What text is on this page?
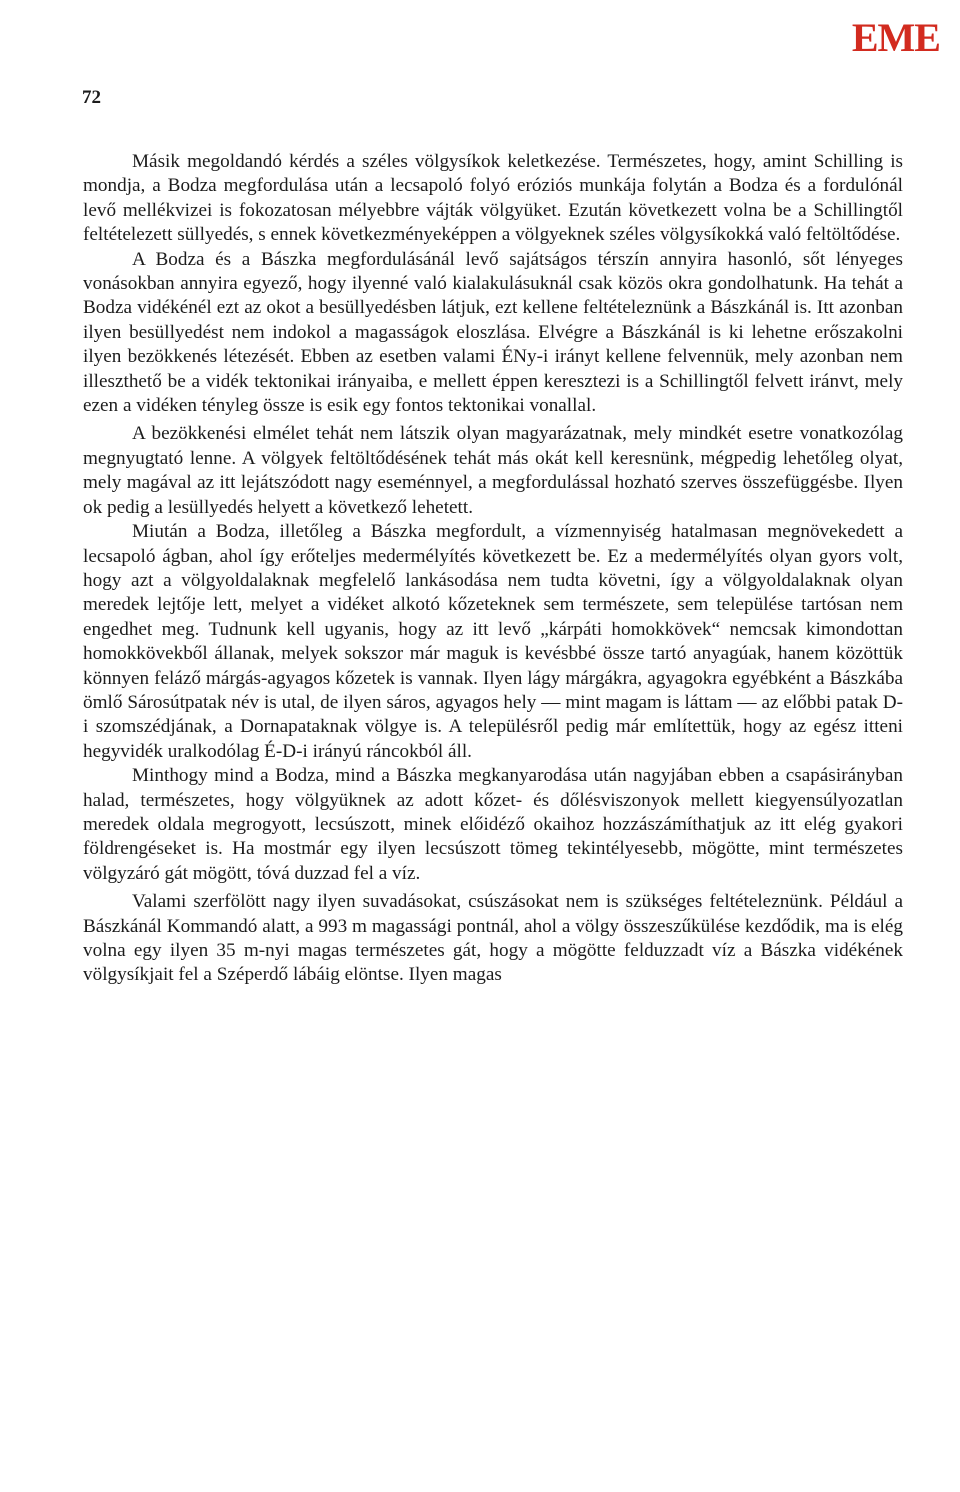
EME
72

Másik megoldandó kérdés a széles völgysíkok keletkezése. Természetes, hogy, amint Schilling is mondja, a Bodza megfordulása után a lecsapoló folyó eróziós munkája folytán a Bodza és a fordulónál levő mellékvizei is fokozatosan mélyebbre vájták völgyüket. Ezután következett volna be a Schillingtől feltételezett süllyedés, s ennek következményeképpen a völgyeknek széles völgysíkokká való feltöltődése.

A Bodza és a Bászka megfordulásánál levő sajátságos térszín annyira hasonló, sőt lényeges vonásokban annyira egyező, hogy ilyenné való kialakulásuknál csak közös okra gondolhatunk. Ha tehát a Bodza vidékénél ezt az okot a besüllyedésben látjuk, ezt kellene feltételeznünk a Bászkánál is. Itt azonban ilyen besüllyedést nem indokol a magasságok eloszlása. Elvégre a Bászkánál is ki lehetne erőszakolni ilyen bezökkenés létezését. Ebben az esetben valami ÉNy-i irányt kellene felvennük, mely azonban nem illeszthető be a vidék tektonikai irányaiba, e mellett éppen keresztezi is a Schillingtől felvett iránvt, mely ezen a vidéken tényleg össze is esik egy fontos tektonikai vonallal.

A bezökkenési elmélet tehát nem látszik olyan magyarázatnak, mely mindkét esetre vonatkozólag megnyugtató lenne. A völgyek feltöltődésének tehát más okát kell keresnünk, mégpedig lehetőleg olyat, mely magával az itt lejátszódott nagy eseménnyel, a megfordulással hozható szerves összefüggésbe. Ilyen ok pedig a lesüllyedés helyett a következő lehetett.

Miután a Bodza, illetőleg a Bászka megfordult, a vízmennyiség hatalmasan megnövekedett a lecsapoló ágban, ahol így erőteljes medermélyítés következett be. Ez a medermélyítés olyan gyors volt, hogy azt a völgyoldalaknak megfelelő lankásodása nem tudta követni, így a völgyoldalaknak olyan meredek lejtője lett, melyet a vidéket alkotó kőzeteknek sem természete, sem települése tartósan nem engedhet meg. Tudnunk kell ugyanis, hogy az itt levő „kárpáti homokkövek“ nemcsak kimondottan homokkövekből állanak, melyek sokszor már maguk is kevésbbé össze tartó anyagúak, hanem közöttük könnyen feláző márgás-agyagos kőzetek is vannak. Ilyen lágy márgákra, agyagokra egyébként a Bászkába ömlő Sárosútpatak név is utal, de ilyen sáros, agyagos hely — mint magam is láttam — az előbbi patak D-i szomszédjának, a Dornapataknak völgye is. A településről pedig már említettük, hogy az egész itteni hegyvidék uralkodólag É-D-i irányú ráncokból áll.

Minthogy mind a Bodza, mind a Bászka megkanyarodása után nagyjában ebben a csapásirányban halad, természetes, hogy völgyüknek az adott kőzet- és dőlésviszonyok mellett kiegyensúlyozatlan meredek oldala megrogyott, lecsúszott, minek előidéző okaihoz hozzászámíthatjuk az itt elég gyakori földrengéseket is. Ha mostmár egy ilyen lecsúszott tömeg tekintélyesebb, mögötte, mint természetes völgyzáró gát mögött, tóvá duzzad fel a víz.

Valami szerfölött nagy ilyen suvadásokat, csúszásokat nem is szükséges feltételeznünk. Például a Bászkánál Kommandó alatt, a 993 m magassági pontnál, ahol a völgy összeszűkülése kezdődik, ma is elég volna egy ilyen 35 m-nyi magas természetes gát, hogy a mögötte felduzzadt víz a Bászka vidékének völgysíkjait fel a Széperdő lábáig elöntse. Ilyen magas
